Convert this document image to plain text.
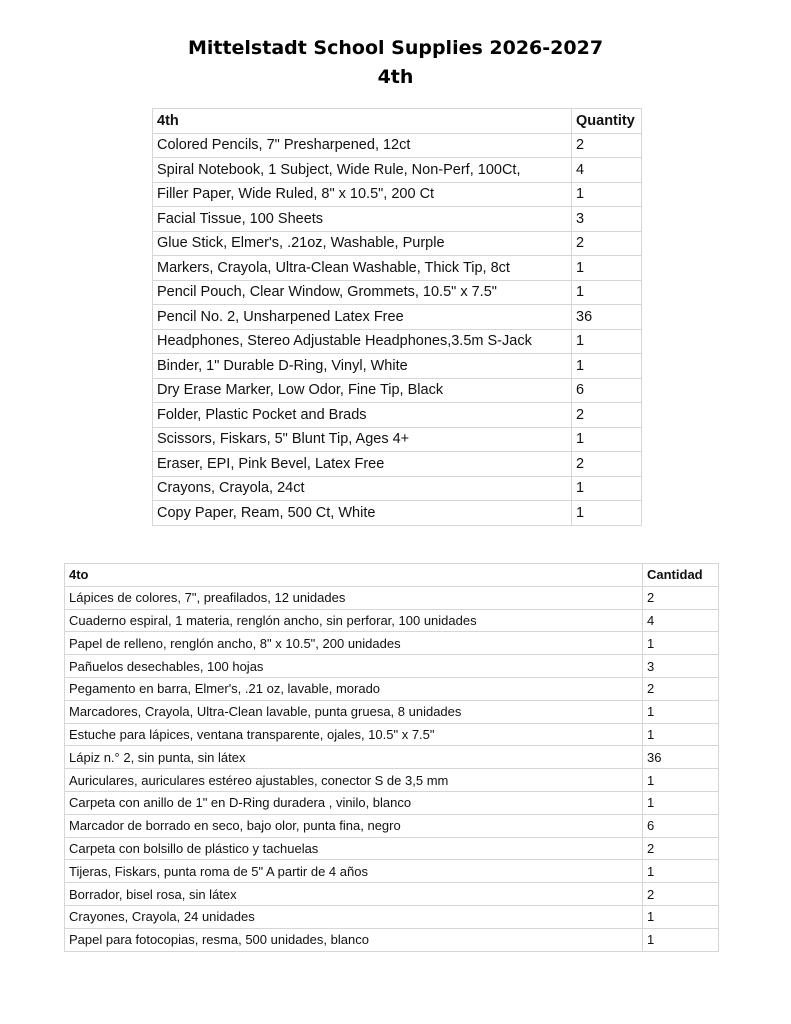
Mittelstadt School Supplies 2026-2027
4th
4th	Quantity
Colored Pencils, 7" Presharpened, 12ct	2
Spiral Notebook, 1 Subject, Wide Rule, Non-Perf, 100Ct,	4
Filler Paper, Wide Ruled, 8" x 10.5", 200 Ct	1
Facial Tissue, 100 Sheets	3
Glue Stick, Elmer's, .21oz, Washable, Purple	2
Markers, Crayola, Ultra-Clean Washable, Thick Tip, 8ct	1
Pencil Pouch, Clear Window, Grommets, 10.5" x 7.5"	1
Pencil No. 2, Unsharpened Latex Free	36
Headphones, Stereo Adjustable Headphones,3.5m S-Jack	1
Binder, 1" Durable D-Ring, Vinyl, White	1
Dry Erase Marker, Low Odor, Fine Tip, Black	6
Folder, Plastic Pocket and Brads	2
Scissors, Fiskars, 5" Blunt Tip, Ages 4+	1
Eraser, EPI, Pink Bevel, Latex Free	2
Crayons, Crayola, 24ct	1
Copy Paper, Ream, 500 Ct, White	1
4to	Cantidad
Lápices de colores, 7", preafilados, 12 unidades	2
Cuaderno espiral, 1 materia, renglón ancho, sin perforar, 100 unidades	4
Papel de relleno, renglón ancho, 8" x 10.5", 200 unidades	1
Pañuelos desechables, 100 hojas	3
Pegamento en barra, Elmer's, .21 oz, lavable, morado	2
Marcadores, Crayola, Ultra-Clean lavable, punta gruesa, 8 unidades	1
Estuche para lápices, ventana transparente, ojales, 10.5" x 7.5"	1
Lápiz n.° 2, sin punta, sin látex	36
Auriculares, auriculares estéreo ajustables, conector S de 3,5 mm	1
Carpeta con anillo de 1" en D-Ring duradera , vinilo, blanco	1
Marcador de borrado en seco, bajo olor, punta fina, negro	6
Carpeta con bolsillo de plástico y tachuelas	2
Tijeras, Fiskars, punta roma de 5" A partir de 4 años	1
Borrador, bisel rosa, sin látex	2
Crayones, Crayola, 24 unidades	1
Papel para fotocopias, resma, 500 unidades, blanco	1
